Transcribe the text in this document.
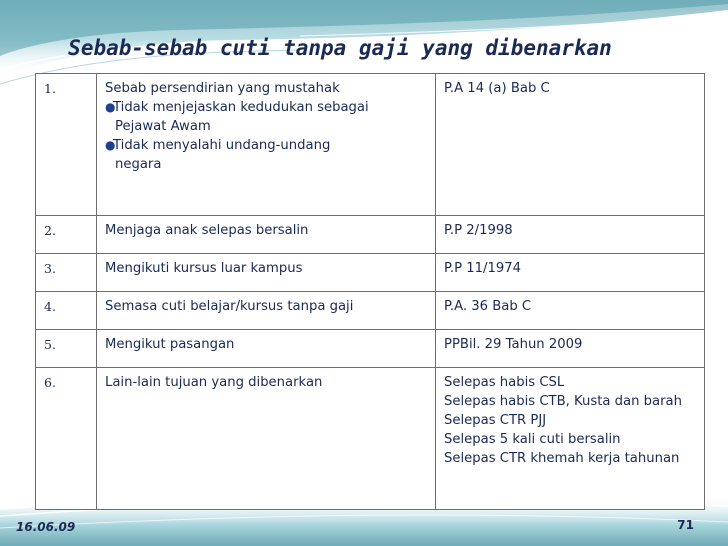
Sebab-sebab cuti tanpa gaji yang dibenarkan
1.	Sebab persendirian yang mustahak
●Tidak menjejaskan kedudukan sebagai
Pejawat Awam
●Tidak menyalahi undang-undang
negara	P.A 14 (a) Bab C

2.	Menjaga anak selepas bersalin	P.P 2/1998

3.	Mengikuti kursus luar kampus	P.P 11/1974

4.	Semasa cuti belajar/kursus tanpa gaji	P.A. 36 Bab C

5.	Mengikut pasangan	PPBil. 29 Tahun 2009

6.	Lain-lain tujuan yang dibenarkan	Selepas habis CSL
Selepas habis CTB, Kusta dan barah
Selepas CTR PJJ
Selepas 5 kali cuti bersalin
Selepas CTR khemah kerja tahunan
16.06.09	71
